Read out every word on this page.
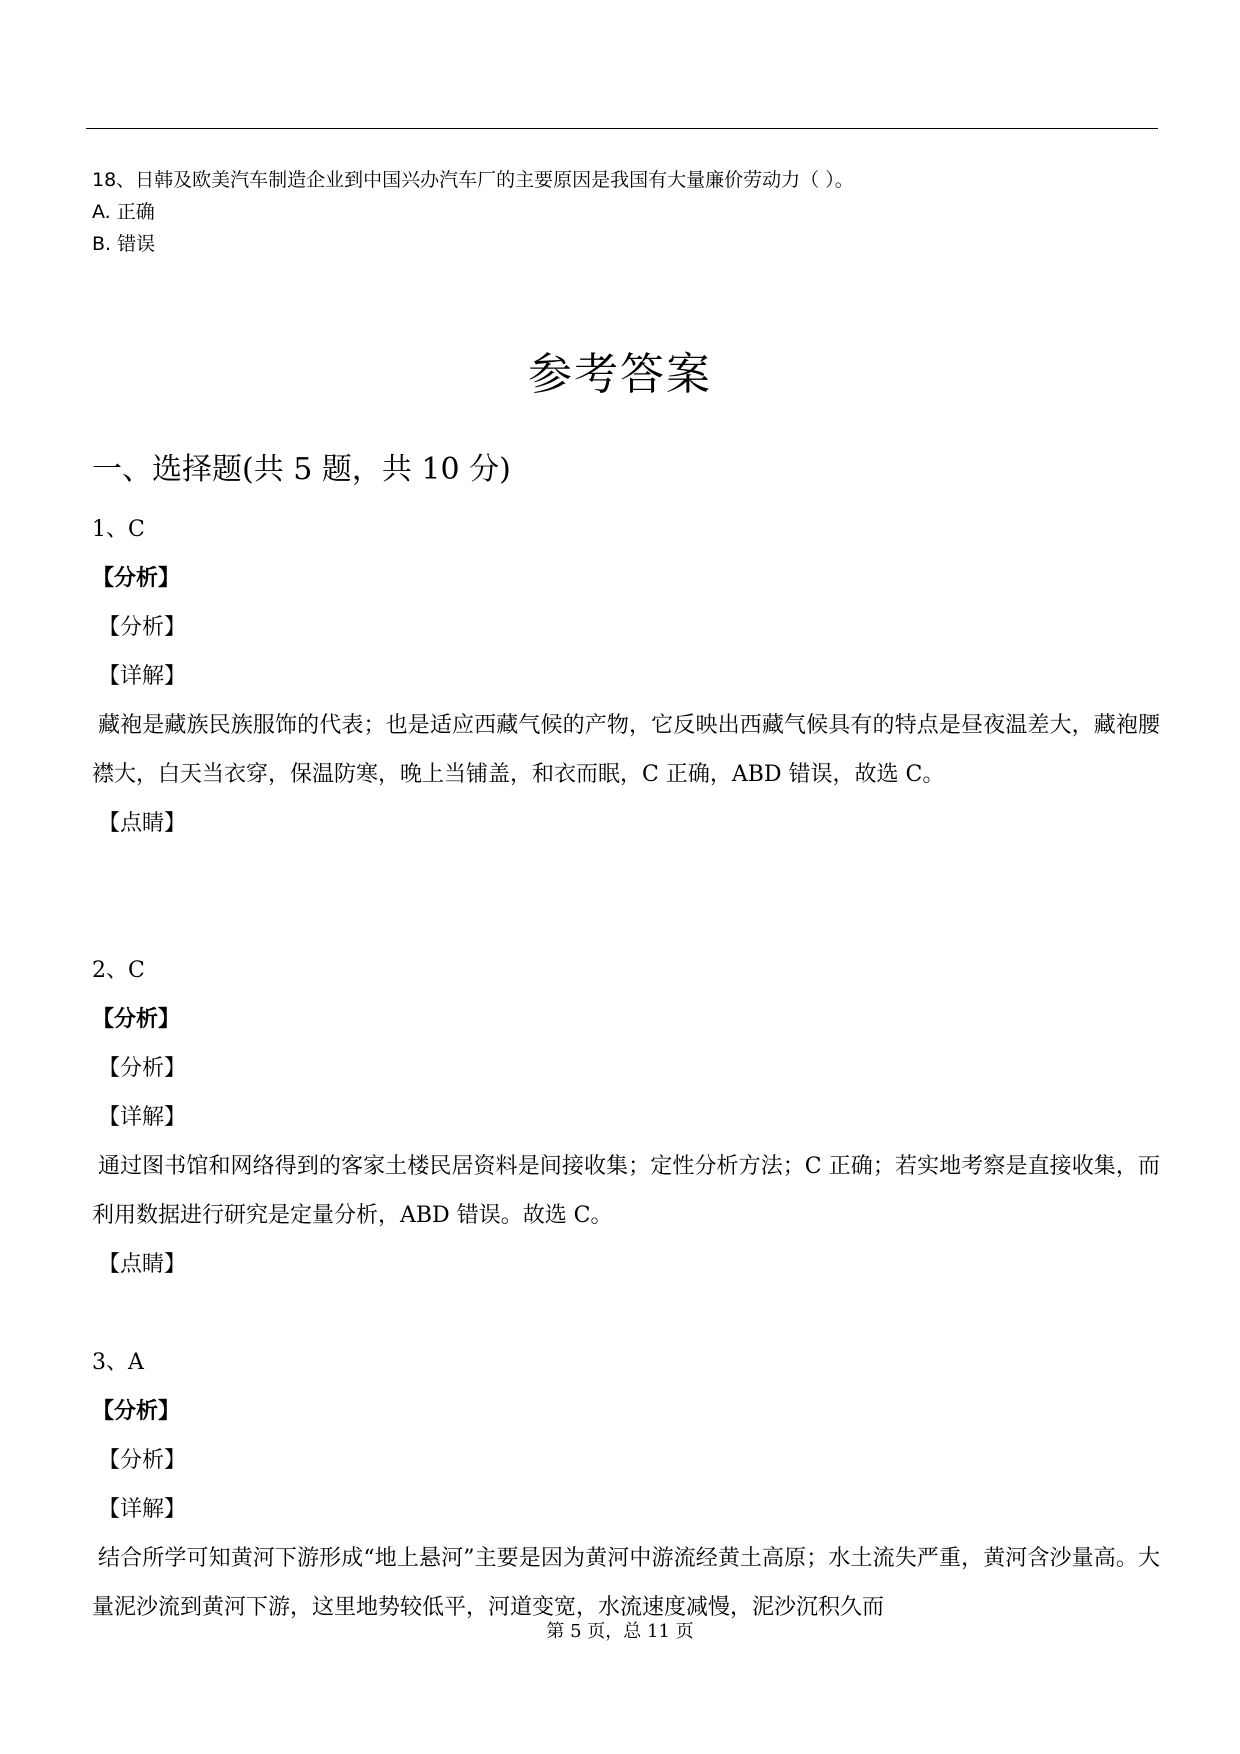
18、日韩及欧美汽车制造企业到中国兴办汽车厂的主要原因是我国有大量廉价劳动力（ ）。
A. 正确
B. 错误
参考答案
一、选择题(共 5 题，共 10 分)
1、C
【分析】
【分析】
【详解】
藏袍是藏族民族服饰的代表；也是适应西藏气候的产物，它反映出西藏气候具有的特点是昼夜温差大，藏袍腰襟大，白天当衣穿，保温防寒，晚上当铺盖，和衣而眠，C 正确，ABD 错误，故选 C。
【点睛】
2、C
【分析】
【分析】
【详解】
通过图书馆和网络得到的客家土楼民居资料是间接收集；定性分析方法；C 正确；若实地考察是直接收集，而利用数据进行研究是定量分析，ABD 错误。故选 C。
【点睛】
3、A
【分析】
【分析】
【详解】
结合所学可知黄河下游形成“地上悬河”主要是因为黄河中游流经黄土高原；水土流失严重，黄河含沙量高。大量泥沙流到黄河下游，这里地势较低平，河道变宽，水流速度减慢，泥沙沉积久而
第 5 页，总 11 页
